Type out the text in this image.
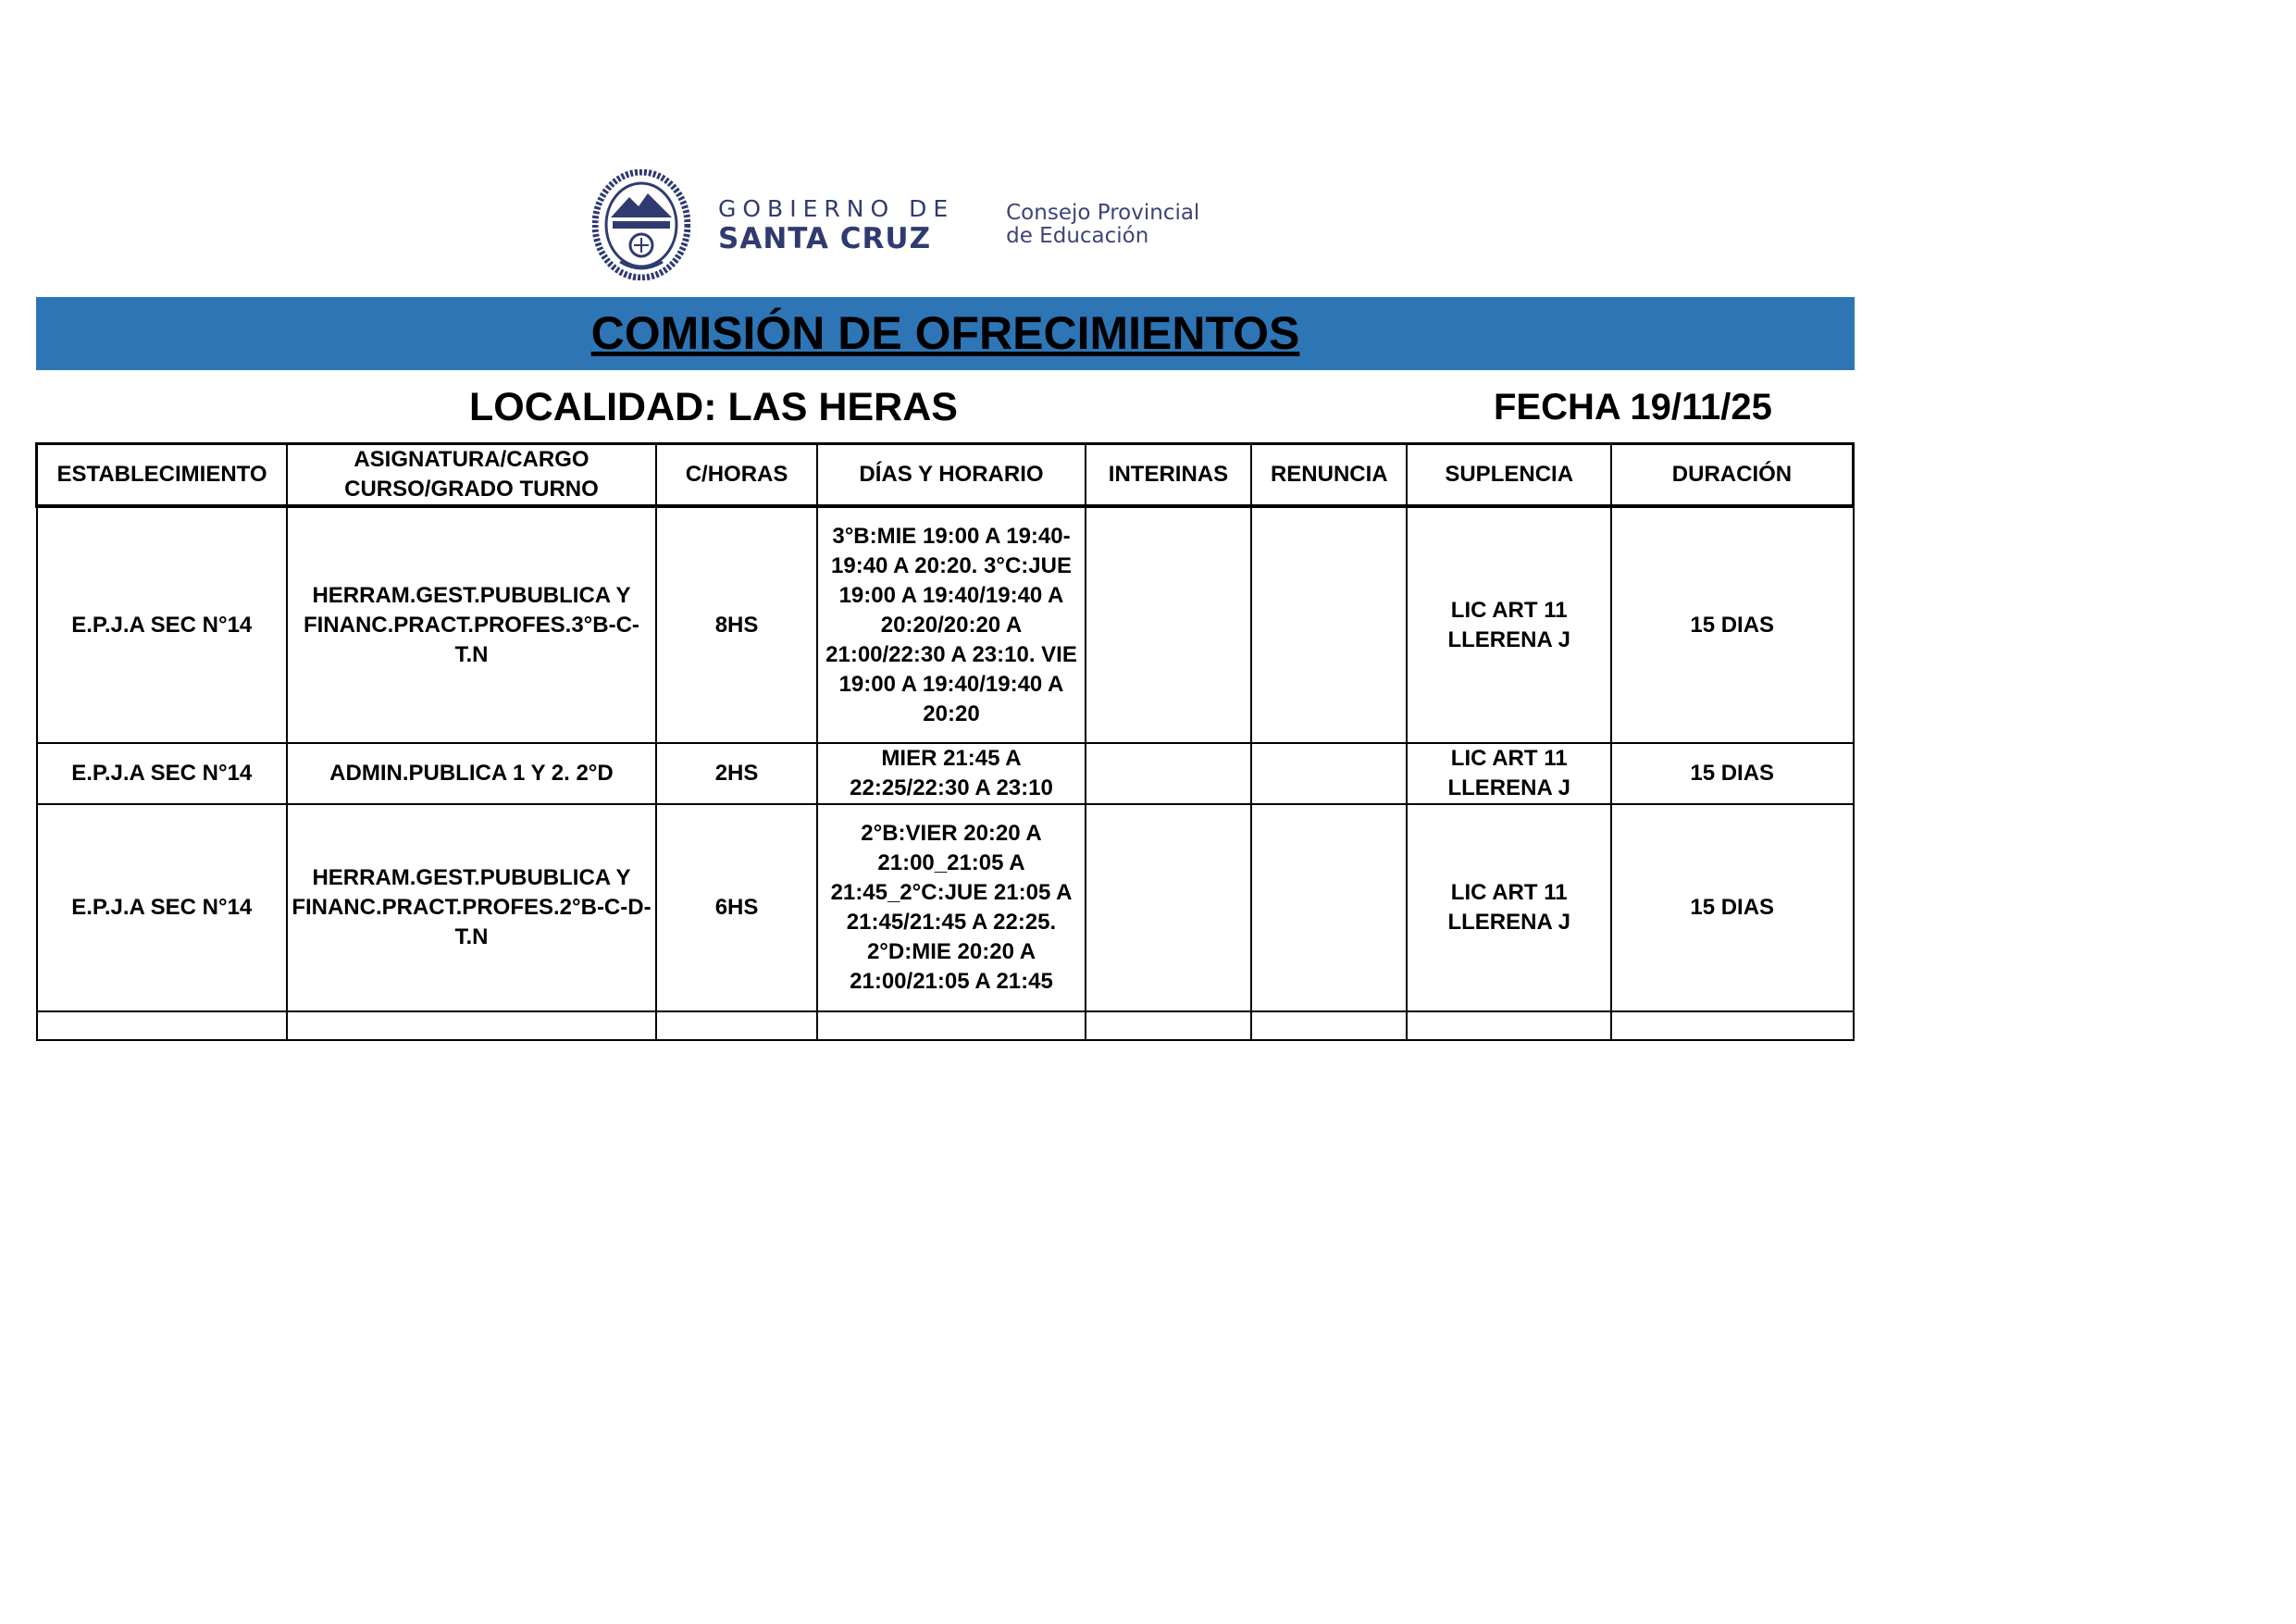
GOBIERNO DE
SANTA CRUZ
Consejo Provincial
de Educación
COMISIÓN DE OFRECIMIENTOS
LOCALIDAD: LAS HERAS	FECHA 19/11/25
ESTABLECIMIENTO	ASIGNATURA/CARGO CURSO/GRADO TURNO	C/HORAS	DÍAS Y HORARIO	INTERINAS	RENUNCIA	SUPLENCIA	DURACIÓN
E.P.J.A SEC N°14	HERRAM.GEST.PUBUBLICA Y FINANC.PRACT.PROFES.3°B-C-T.N	8HS	3°B:MIE 19:00 A 19:40-19:40 A 20:20. 3°C:JUE 19:00 A 19:40/19:40 A 20:20/20:20 A 21:00/22:30 A 23:10. VIE 19:00 A 19:40/19:40 A 20:20			LIC ART 11 LLERENA J	15 DIAS
E.P.J.A SEC N°14	ADMIN.PUBLICA 1 Y 2. 2°D	2HS	MIER 21:45 A 22:25/22:30 A 23:10			LIC ART 11 LLERENA J	15 DIAS
E.P.J.A SEC N°14	HERRAM.GEST.PUBUBLICA Y FINANC.PRACT.PROFES.2°B-C-D-T.N	6HS	2°B:VIER 20:20 A 21:00_21:05 A 21:45_2°C:JUE 21:05 A 21:45/21:45 A 22:25. 2°D:MIE 20:20 A 21:00/21:05 A 21:45			LIC ART 11 LLERENA J	15 DIAS
